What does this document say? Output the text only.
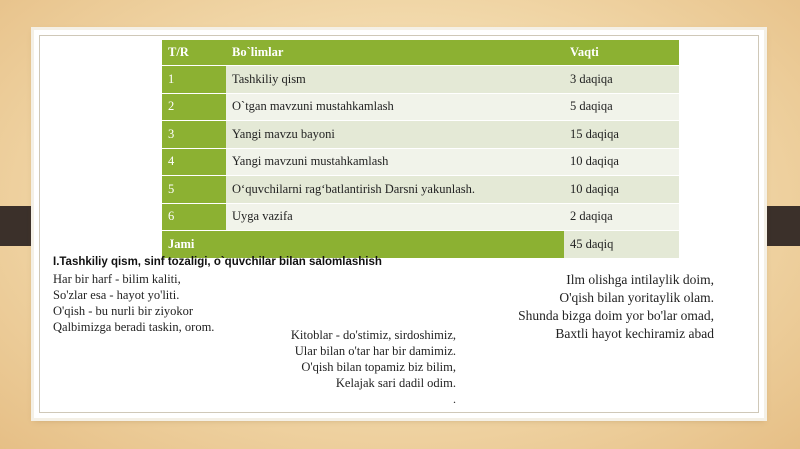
T/R	Bo`limlar	Vaqti
1	Tashkiliy qism	3 daqiqa
2	O`tgan mavzuni mustahkamlash	5 daqiqa
3	Yangi mavzu bayoni	15 daqiqa
4	Yangi mavzuni mustahkamlash	10 daqiqa
5	O‘quvchilarni rag‘batlantirish Darsni yakunlash.	10 daqiqa
6	Uyga vazifa	2 daqiqa
Jami		45 daqiq
I.Tashkiliy qism, sinf tozaligi, o`quvchilar bilan salomlashish
Har bir harf - bilim kaliti,
So'zlar esa - hayot yo'liti.
O'qish - bu nurli bir ziyokor
Qalbimizga beradi taskin, orom.
Kitoblar - do'stimiz, sirdoshimiz,
Ular bilan o'tar har bir damimiz.
O'qish bilan topamiz biz bilim,
Kelajak sari dadil odim.
Ilm olishga intilaylik doim,
O'qish bilan yoritaylik olam.
Shunda bizga doim yor bo'lar omad,
Baxtli hayot kechiramiz abad
.
